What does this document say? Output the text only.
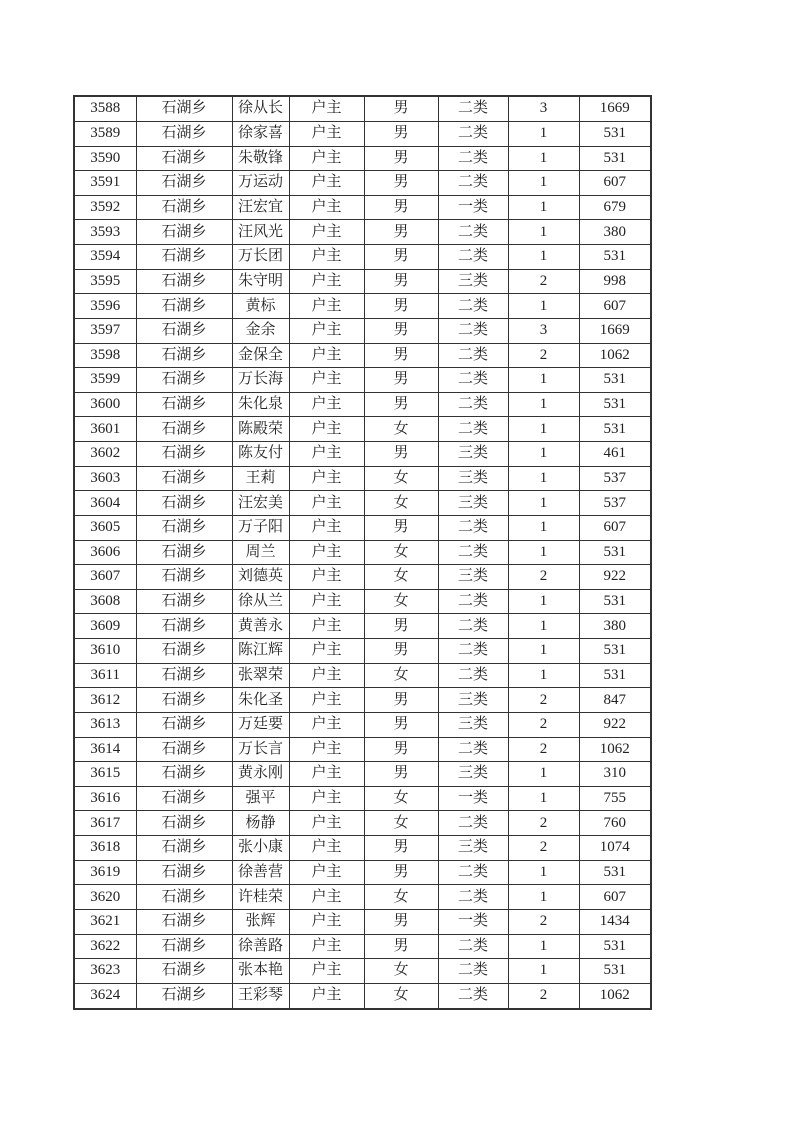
3588	石湖乡	徐从长	户主	男	二类	3	1669
3589	石湖乡	徐家喜	户主	男	二类	1	531
3590	石湖乡	朱敬锋	户主	男	二类	1	531
3591	石湖乡	万运动	户主	男	二类	1	607
3592	石湖乡	汪宏宜	户主	男	一类	1	679
3593	石湖乡	汪风光	户主	男	二类	1	380
3594	石湖乡	万长团	户主	男	二类	1	531
3595	石湖乡	朱守明	户主	男	三类	2	998
3596	石湖乡	黄标	户主	男	二类	1	607
3597	石湖乡	金余	户主	男	二类	3	1669
3598	石湖乡	金保全	户主	男	二类	2	1062
3599	石湖乡	万长海	户主	男	二类	1	531
3600	石湖乡	朱化泉	户主	男	二类	1	531
3601	石湖乡	陈殿荣	户主	女	二类	1	531
3602	石湖乡	陈友付	户主	男	三类	1	461
3603	石湖乡	王莉	户主	女	三类	1	537
3604	石湖乡	汪宏美	户主	女	三类	1	537
3605	石湖乡	万子阳	户主	男	二类	1	607
3606	石湖乡	周兰	户主	女	二类	1	531
3607	石湖乡	刘德英	户主	女	三类	2	922
3608	石湖乡	徐从兰	户主	女	二类	1	531
3609	石湖乡	黄善永	户主	男	二类	1	380
3610	石湖乡	陈江辉	户主	男	二类	1	531
3611	石湖乡	张翠荣	户主	女	二类	1	531
3612	石湖乡	朱化圣	户主	男	三类	2	847
3613	石湖乡	万廷要	户主	男	三类	2	922
3614	石湖乡	万长言	户主	男	二类	2	1062
3615	石湖乡	黄永刚	户主	男	三类	1	310
3616	石湖乡	强平	户主	女	一类	1	755
3617	石湖乡	杨静	户主	女	二类	2	760
3618	石湖乡	张小康	户主	男	三类	2	1074
3619	石湖乡	徐善营	户主	男	二类	1	531
3620	石湖乡	许桂荣	户主	女	二类	1	607
3621	石湖乡	张辉	户主	男	一类	2	1434
3622	石湖乡	徐善路	户主	男	二类	1	531
3623	石湖乡	张本艳	户主	女	二类	1	531
3624	石湖乡	王彩琴	户主	女	二类	2	1062
